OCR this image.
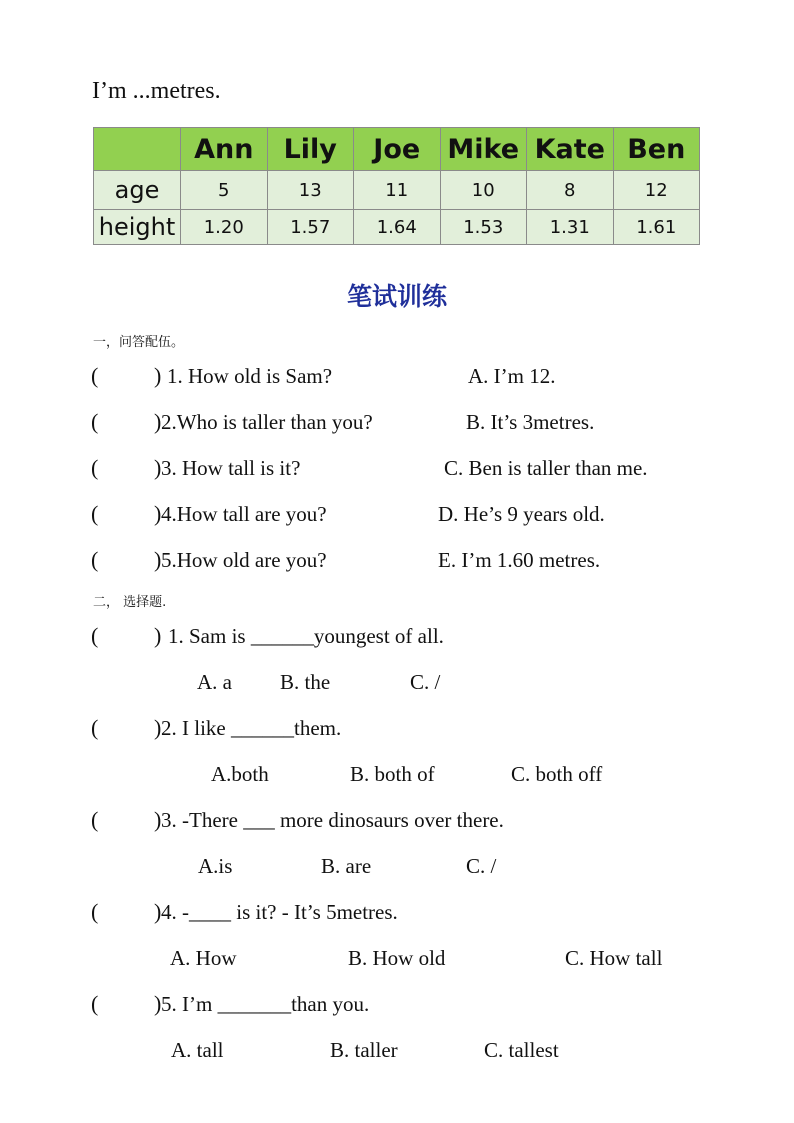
I’m ...metres.
	Ann	Lily	Joe	Mike	Kate	Ben
age	5	13	11	10	8	12
height	1.20	1.57	1.64	1.53	1.31	1.61
笔试训练
一，问答配伍。
(	) 1. How old is Sam?	A. I’m 12.
(	) 2.Who is taller than you?	B. It’s 3metres.
(	) 3. How tall is it?	C. Ben is taller than me.
(	) 4.How tall are you?	D. He’s 9 years old.
(	) 5.How old are you?	E. I’m 1.60 metres.
二， 选择题.
(	) 1. Sam is ______youngest of all.
A. a B. the	C. /
(	) 2. I like ______them.
A.both	B. both of	C. both off
(	) 3. -There ___ more dinosaurs over there.
A.is	B. are	C. /
(	) 4. -____ is it? - It’s 5metres.
A. How	B. How old	C. How tall
(	) 5. I’m _______than you.
A. tall	B. taller	C. tallest
